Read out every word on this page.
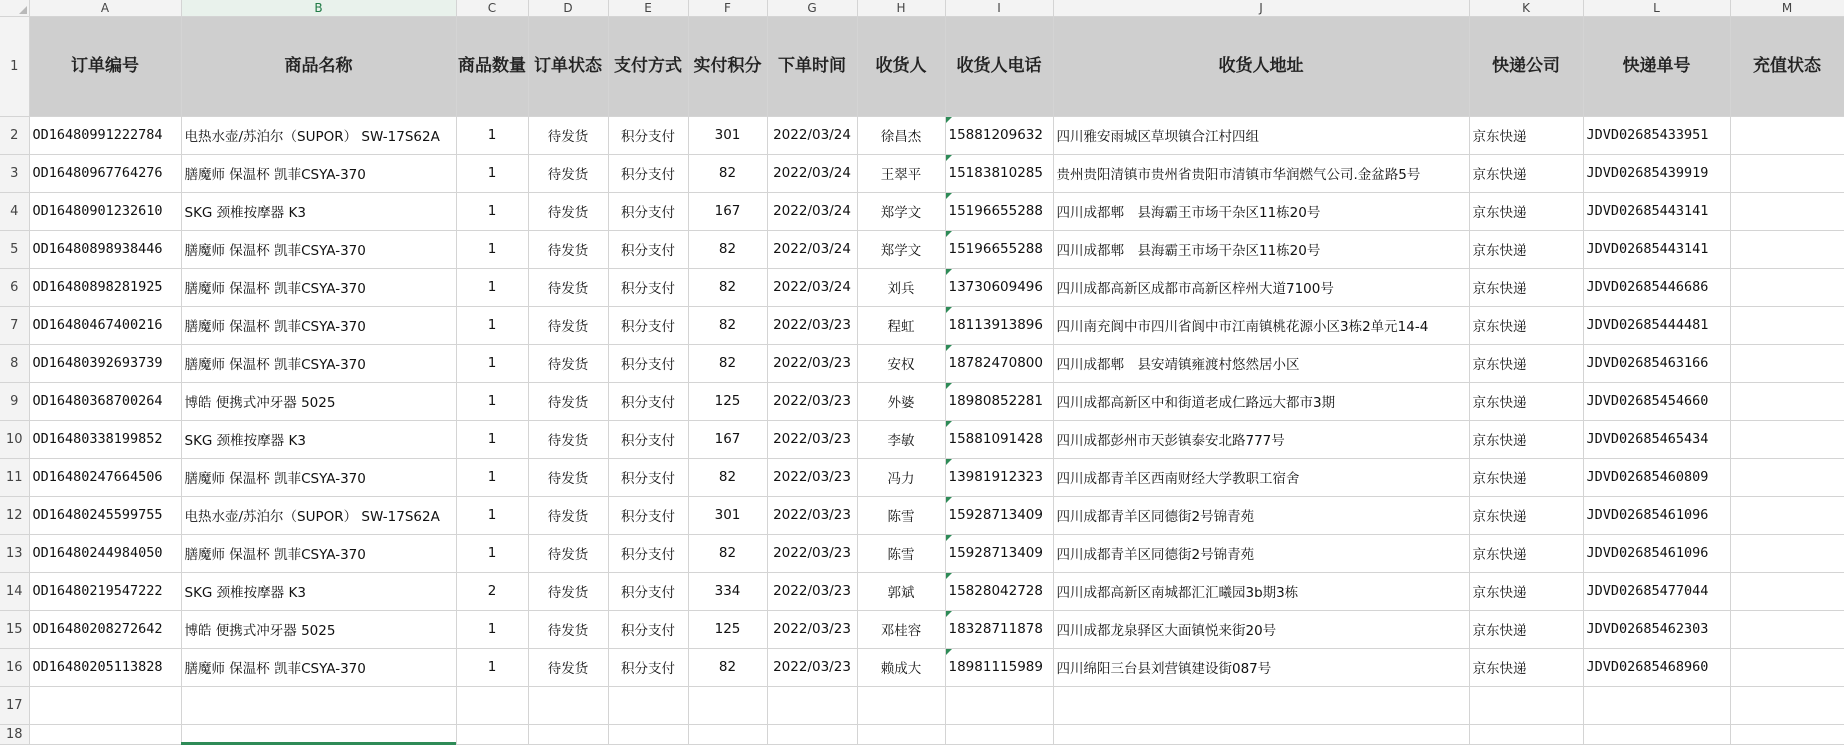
	A	B	C	D	E	F	G	H	I	J	K	L	M
1	订单编号	商品名称	商品数量	订单状态	支付方式	实付积分	下单时间	收货人	收货人电话	收货人地址	快递公司	快递单号	充值状态
2	OD16480991222784	电热水壶/苏泊尔（SUPOR） SW-17S62A	1	待发货	积分支付	301	2022/03/24	徐昌杰	15881209632	四川雅安雨城区草坝镇合江村四组	京东快递	JDVD02685433951	
3	OD16480967764276	膳魔师 保温杯 凯菲CSYA-370	1	待发货	积分支付	82	2022/03/24	王翠平	15183810285	贵州贵阳清镇市贵州省贵阳市清镇市华润燃气公司.金盆路5号	京东快递	JDVD02685439919	
4	OD16480901232610	SKG 颈椎按摩器 K3	1	待发货	积分支付	167	2022/03/24	郑学文	15196655288	四川成都郫　县海霸王市场干杂区11栋20号	京东快递	JDVD02685443141	
5	OD16480898938446	膳魔师 保温杯 凯菲CSYA-370	1	待发货	积分支付	82	2022/03/24	郑学文	15196655288	四川成都郫　县海霸王市场干杂区11栋20号	京东快递	JDVD02685443141	
6	OD16480898281925	膳魔师 保温杯 凯菲CSYA-370	1	待发货	积分支付	82	2022/03/24	刘兵	13730609496	四川成都高新区成都市高新区梓州大道7100号	京东快递	JDVD02685446686	
7	OD16480467400216	膳魔师 保温杯 凯菲CSYA-370	1	待发货	积分支付	82	2022/03/23	程虹	18113913896	四川南充阆中市四川省阆中市江南镇桃花源小区3栋2单元14-4	京东快递	JDVD02685444481	
8	OD16480392693739	膳魔师 保温杯 凯菲CSYA-370	1	待发货	积分支付	82	2022/03/23	安权	18782470800	四川成都郫　县安靖镇雍渡村悠然居小区	京东快递	JDVD02685463166	
9	OD16480368700264	博皓 便携式冲牙器 5025	1	待发货	积分支付	125	2022/03/23	外婆	18980852281	四川成都高新区中和街道老成仁路远大都市3期	京东快递	JDVD02685454660	
10	OD16480338199852	SKG 颈椎按摩器 K3	1	待发货	积分支付	167	2022/03/23	李敏	15881091428	四川成都彭州市天彭镇泰安北路777号	京东快递	JDVD02685465434	
11	OD16480247664506	膳魔师 保温杯 凯菲CSYA-370	1	待发货	积分支付	82	2022/03/23	冯力	13981912323	四川成都青羊区西南财经大学教职工宿舍	京东快递	JDVD02685460809	
12	OD16480245599755	电热水壶/苏泊尔（SUPOR） SW-17S62A	1	待发货	积分支付	301	2022/03/23	陈雪	15928713409	四川成都青羊区同德街2号锦青苑	京东快递	JDVD02685461096	
13	OD16480244984050	膳魔师 保温杯 凯菲CSYA-370	1	待发货	积分支付	82	2022/03/23	陈雪	15928713409	四川成都青羊区同德街2号锦青苑	京东快递	JDVD02685461096	
14	OD16480219547222	SKG 颈椎按摩器 K3	2	待发货	积分支付	334	2022/03/23	郭斌	15828042728	四川成都高新区南城都汇汇曦园3b期3栋	京东快递	JDVD02685477044	
15	OD16480208272642	博皓 便携式冲牙器 5025	1	待发货	积分支付	125	2022/03/23	邓桂容	18328711878	四川成都龙泉驿区大面镇悦来街20号	京东快递	JDVD02685462303	
16	OD16480205113828	膳魔师 保温杯 凯菲CSYA-370	1	待发货	积分支付	82	2022/03/23	赖成大	18981115989	四川绵阳三台县刘营镇建设街087号	京东快递	JDVD02685468960	
17													
18													
